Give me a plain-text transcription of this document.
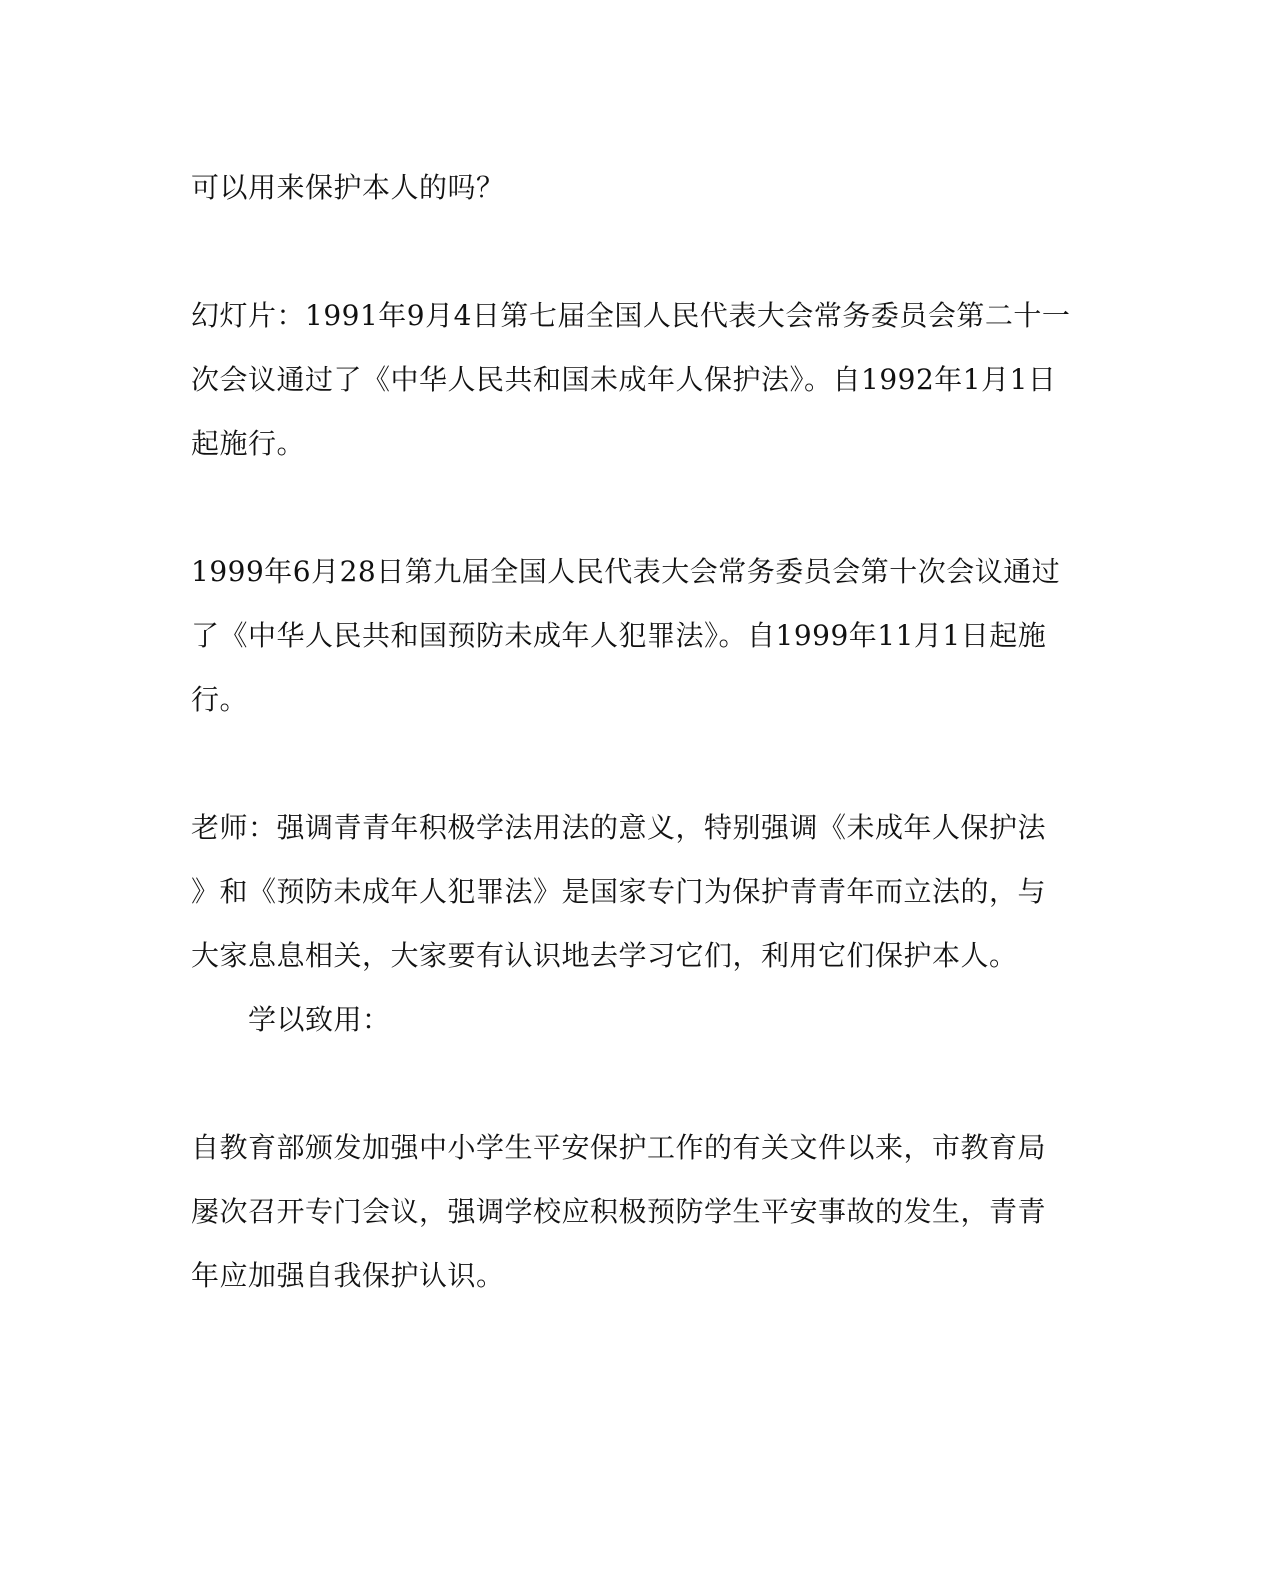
可以用来保护本人的吗？
幻灯片：1991年9月4日第七届全国人民代表大会常务委员会第二十一
次会议通过了《中华人民共和国未成年人保护法》。自1992年1月1日
起施行。
1999年6月28日第九届全国人民代表大会常务委员会第十次会议通过
了《中华人民共和国预防未成年人犯罪法》。自1999年11月1日起施
行。
老师：强调青青年积极学法用法的意义，特别强调《未成年人保护法
》和《预防未成年人犯罪法》是国家专门为保护青青年而立法的，与
大家息息相关，大家要有认识地去学习它们，利用它们保护本人。
学以致用：
自教育部颁发加强中小学生平安保护工作的有关文件以来，市教育局
屡次召开专门会议，强调学校应积极预防学生平安事故的发生，青青
年应加强自我保护认识。
